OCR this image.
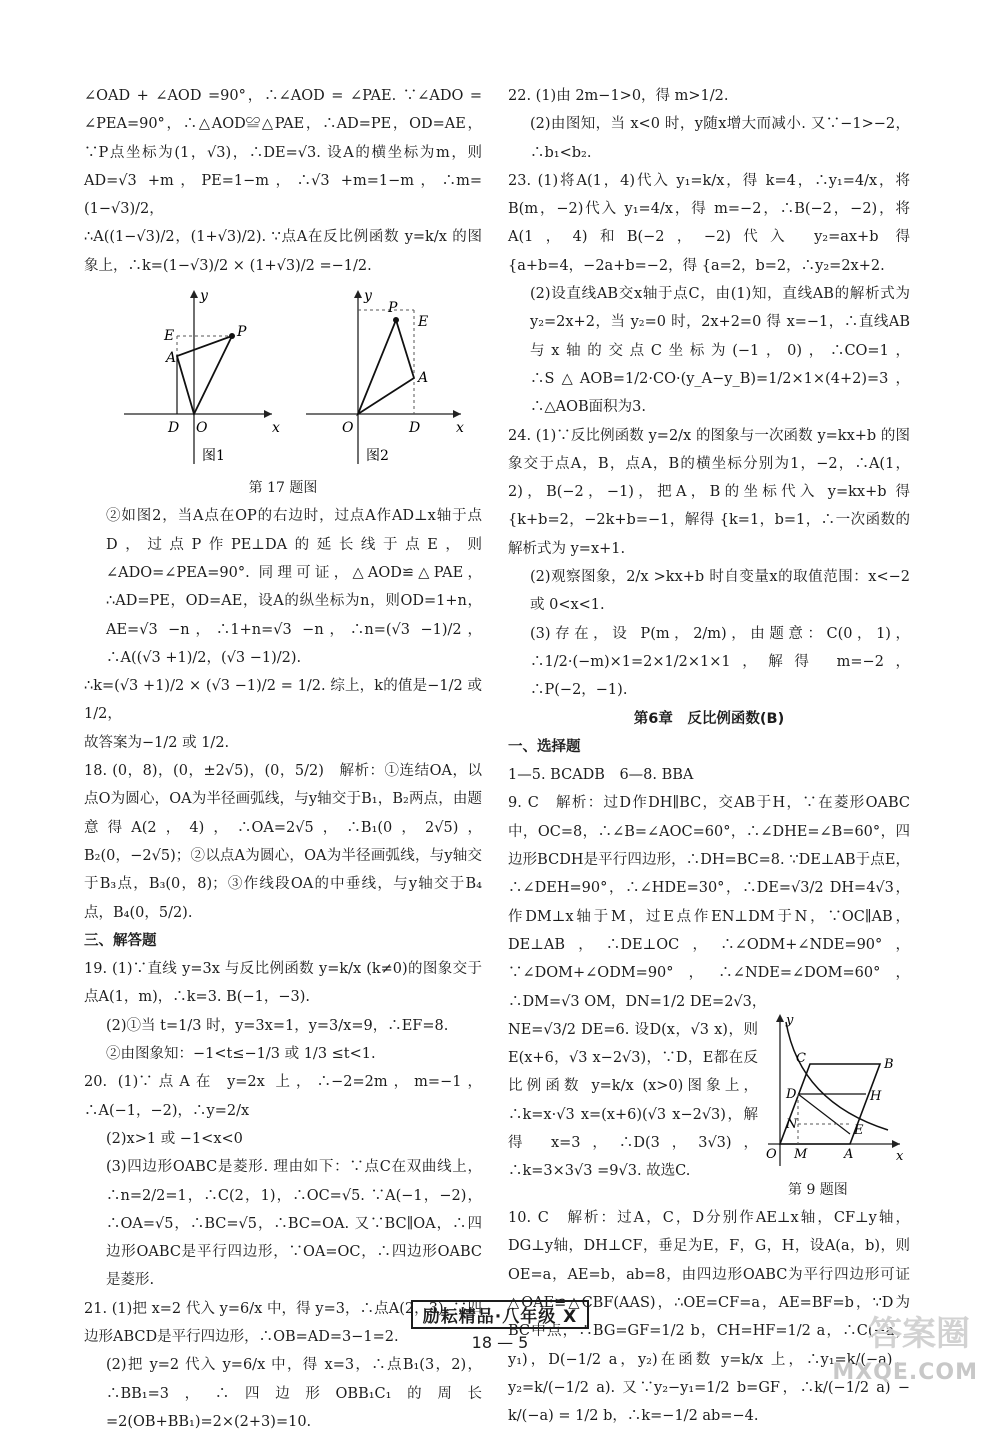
∠OAD + ∠AOD =90°，∴∠AOD = ∠PAE. ∵∠ADO = ∠PEA=90°，∴△AOD≌△PAE，∴AD=PE，OD=AE，∵P点坐标为(1，√3)，∴DE=√3. 设A的横坐标为m，则AD=√3 +m，PE=1−m，∴√3 +m=1−m，∴m=(1−√3)/2，

∴A((1−√3)/2，(1+√3)/2). ∵点A在反比例函数 y=k/x 的图象上，∴k=(1−√3)/2 × (1+√3)/2 =−1/2.

E
A
P
D O	x
y
图1
P
E
A
O	D	x
y
图2
第 17 题图

②如图2，当A点在OP的右边时，过点A作AD⊥x轴于点D，过点P作PE⊥DA的延长线于点E，则∠ADO=∠PEA=90°. 同理可证，△AOD≌△PAE，∴AD=PE，OD=AE，设A的纵坐标为n，则OD=1+n，AE=√3 −n，∴1+n=√3 −n，∴n=(√3 −1)/2，∴A((√3 +1)/2，(√3 −1)/2).

∴k=(√3 +1)/2 × (√3 −1)/2 = 1/2. 综上，k的值是−1/2 或 1/2，

故答案为−1/2 或 1/2.

18. (0，8)，(0，±2√5)，(0，5/2)　解析：①连结OA，以点O为圆心，OA为半径画弧线，与y轴交于B₁，B₂两点，由题意得A(2，4)，∴OA=2√5，∴B₁(0，2√5)，B₂(0，−2√5)；②以点A为圆心，OA为半径画弧线，与y轴交于B₃点，B₃(0，8)；③作线段OA的中垂线，与y轴交于B₄点，B₄(0，5/2).

三、解答题

19. (1)∵直线 y=3x 与反比例函数 y=k/x (k≠0)的图象交于点A(1，m)，∴k=3. B(−1，−3).

(2)①当 t=1/3 时，y=3x=1，y=3/x=9，∴EF=8.

②由图象知：−1<t≤−1/3 或 1/3 ≤t<1.

20. (1)∵点A在 y=2x 上，∴−2=2m，m=−1，∴A(−1，−2)，∴y=2/x

(2)x>1 或 −1<x<0

(3)四边形OABC是菱形. 理由如下：∵点C在双曲线上，∴n=2/2=1，∴C(2，1)，∴OC=√5. ∵A(−1，−2)，∴OA=√5，∴BC=√5，∴BC=OA. 又∵BC∥OA，∴四边形OABC是平行四边形，∵OA=OC，∴四边形OABC是菱形.

21. (1)把 x=2 代入 y=6/x 中，得 y=3，∴点A(2，3). ∵四边形ABCD是平行四边形，∴OB=AD=3−1=2.

(2)把 y=2 代入 y=6/x 中，得 x=3，∴点B₁(3，2)，∴BB₁=3，∴四边形OBB₁C₁的周长=2(OB+BB₁)=2×(2+3)=10.

22. (1)由 2m−1>0，得 m>1/2.

(2)由图知，当 x<0 时，y随x增大而减小. 又∵−1>−2，∴b₁<b₂.

23. (1)将A(1，4)代入 y₁=k/x，得 k=4，∴y₁=4/x，将B(m，−2)代入 y₁=4/x，得 m=−2，∴B(−2，−2)，将A(1，4)和B(−2，−2)代入 y₂=ax+b 得 {a+b=4，−2a+b=−2，得 {a=2，b=2，∴y₂=2x+2.

(2)设直线AB交x轴于点C，由(1)知，直线AB的解析式为 y₂=2x+2，当 y₂=0 时，2x+2=0 得 x=−1，∴直线AB与x轴的交点C坐标为(−1，0)，∴CO=1，∴S△AOB=1/2·CO·(y_A−y_B)=1/2×1×(4+2)=3，∴△AOB面积为3.

24. (1)∵反比例函数 y=2/x 的图象与一次函数 y=kx+b 的图象交于点A，B，点A，B的横坐标分别为1，−2，∴A(1，2)，B(−2，−1)，把A，B的坐标代入 y=kx+b 得 {k+b=2，−2k+b=−1，解得 {k=1，b=1，∴一次函数的解析式为 y=x+1.

(2)观察图象，2/x >kx+b 时自变量x的取值范围：x<−2 或 0<x<1.

(3)存在，设 P(m，2/m)，由题意：C(0，1)，∴1/2·(−m)×1=2×1/2×1×1，解得 m=−2，∴P(−2，−1).

第6章　反比例函数(B)

一、选择题

1—5. BCADB　6—8. BBA

9. C　解析：过D作DH∥BC，交AB于H，∵在菱形OABC中，OC=8，∴∠B=∠AOC=60°，∴∠DHE=∠B=60°，四边形BCDH是平行四边形，∴DH=BC=8. ∵DE⊥AB于点E，∴∠DEH=90°，∴∠HDE=30°，∴DE=√3/2 DH=4√3，作DM⊥x轴于M，过E点作EN⊥DM于N，∵OC∥AB，DE⊥AB，∴DE⊥OC，∴∠ODM+∠NDE=90°，∵∠DOM+∠ODM=90°，∴∠NDE=∠DOM=60°，∴DM=√3 OM，DN=1/2 DE=2√3，

NE=√3/2 DE=6. 设D(x，√3 x)，则E(x+6，√3 x−2√3)，∵D，E都在反比例函数 y=k/x (x>0)图象上，∴k=x·√3 x=(x+6)(√3 x−2√3)，解得 x=3，∴D(3，3√3)，∴k=3×3√3 =9√3. 故选C.

C	B
D	H
N	E
O M	A	x
y
第 9 题图

10. C　解析：过A，C，D分别作AE⊥x轴，CF⊥y轴，DG⊥y轴，DH⊥CF，垂足为E，F，G，H，设A(a，b)，则OE=a，AE=b，ab=8，由四边形OABC为平行四边形可证△OAE≌△CBF(AAS)，∴OE=CF=a，AE=BF=b，∵D为BC中点，∴BG=GF=1/2 b，CH=HF=1/2 a，∴C(−a，y₁)，D(−1/2 a，y₂)在函数 y=k/x 上，∴y₁=k/(−a)，y₂=k/(−1/2 a). 又∵y₂−y₁=1/2 b=GF，∴k/(−1/2 a) − k/(−a) = 1/2 b，∴k=−1/2 ab=−4.

励耘精品·八年级 X
18 — 5	答案圈
MXQE.COM
